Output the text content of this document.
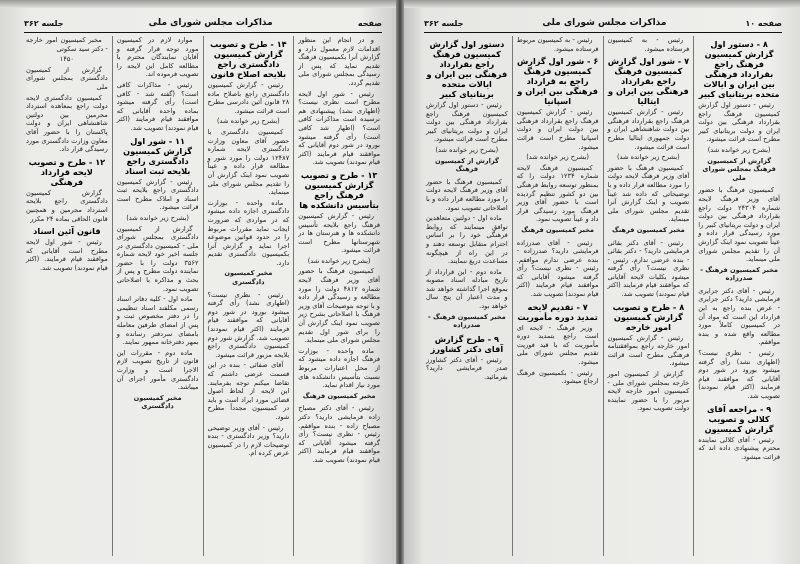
صفحه
مذاکرات مجلس شورای ملی
جلسه ۳۶۲
و در انجام این منظور اقدامات لازم معمول دارد و گزارش آنرا بکمیسیون فرهنگ تقدیم نماید که پس از رسیدگی بمجلس شورای ملی تقدیم گردد.
رئیس - شور اول لایحه مطرح است نظری نیست؟ (اظهاری نشد) پیشنهادی هم نرسیده است مذاکرات کافی است؟ (اظهار شد کافی است) رأی گرفته میشود بورود در شور دوم آقایانی که موافقند قیام فرمایند (اکثر قیام نمودند) تصویب شد.
۱۳ - طرح و تصویب گزارش کمیسیون فرهنگ راجع بتأسیس دانشکده ها
رئیس - گزارش کمیسیون فرهنگ راجع بلایحه تأسیس دانشکده ها و هنرستان ها در شهرستانها مطرح است قرائت میشود.
(بشرح زیر خوانده شد)
کمیسیون فرهنگ با حضور آقای وزیر فرهنگ لایحه شماره ۴۸۱۲ دولت را مورد مطالعه و رسیدگی قرار داده و با توجه بتوضیحات آقای وزیر فرهنگ با اصلاحاتی بشرح زیر تصویب نمود اینک گزارش آن را برای شور اول تقدیم مجلس شورای ملی مینماید.
ماده واحده - بوزارت فرهنگ اجازه داده میشود که از محل اعتبارات مربوط نسبت بتأسیس دانشکده های مورد نیاز اقدام نماید.
مخبر کمیسیون فرهنگ
رئیس - آقای دکتر مصباح زاده فرمایشی دارید؟ دکتر مصباح زاده - بنده موافقم. رئیس - نظری نیست؟ رأی گرفته میشود آقایانی که موافقند قیام فرمایند (اکثر قیام نمودند) تصویب شد.
۱۴ - طرح و تصویب گزارش کمیسیون دادگستری راجع بلایحه اصلاح قانون
رئیس - گزارش کمیسیون دادگستری راجع باصلاح ماده ۲۸ قانون آئین دادرسی مطرح است قرائت میشود.
(بشرح زیر خوانده شد)
کمیسیون دادگستری با حضور آقای معاون وزارت دادگستری لایحه شماره ۱۲۴۸۷ دولت را مورد شور و مطالعه قرار داده و عیناً تصویب نمود اینک گزارش آن را تقدیم مجلس شورای ملی مینماید.
ماده واحده - بوزارت دادگستری اجازه داده میشود که در مواردی که ضرورت ایجاب نماید مقررات مربوط را در حدود قوانین موضوعه اجرا نماید و گزارش آنرا بکمیسیون دادگستری تقدیم دارد.
مخبر کمیسیون دادگستری
رئیس - نظری نیست؟ (اظهاری نشد) رأی گرفته میشود بورود در شور دوم آقایانی که موافقند قیام فرمایند (اکثر قیام نمودند) تصویب شد. گزارش شور دوم کمیسیون دادگستری راجع بلایحه مزبور قرائت میشود.
آقای صفائی - بنده در این قسمت عرضی داشتم که تقاضا میکنم توجه بفرمایند. این لایحه از لحاظ اصول قضائی مورد ایراد است و باید در کمیسیون مجدداً مطرح شود.
رئیس - آقای وزیر توضیحی دارید؟ وزیر دادگستری - بنده توضیحات لازم را در کمیسیون عرض کرده ام.
موارد لازم در کمیسیون مورد توجه قرار گرفته و آقایان نمایندگان محترم با مطالعه کامل این لایحه را تصویب فرموده اند.
رئیس - مذاکرات کافی است؟ (گفته شد - کافی است) رأی گرفته میشود بماده واحده آقایانی که موافقند قیام فرمایند (اکثر قیام نمودند) تصویب شد.
۱۱ - شور اول گزارش کمیسیون دادگستری راجع بلایحه ثبت اسناد
رئیس - گزارش کمیسیون دادگستری راجع بلایحه ثبت اسناد و املاک مطرح است قرائت میشود.
(بشرح زیر خوانده شد)
گزارش از کمیسیون دادگستری بمجلس شورای ملی - کمیسیون دادگستری در جلسه اخیر خود لایحه شماره ۳۵۶۲ دولت را با حضور نماینده دولت مطرح و پس از بحث و مذاکره با اصلاحاتی تصویب نمود.
ماده اول - کلیه دفاتر اسناد رسمی مکلفند اسناد تنظیمی را در دفتر مخصوص ثبت و پس از امضای طرفین معامله بامضای سردفتر رسانده و بمهر دفترخانه ممهور نمایند.
ماده دوم - مقررات این قانون از تاریخ تصویب لازم الاجرا است و وزارت دادگستری مأمور اجرای آن میباشد.
مخبر کمیسیون دادگستری
مخبر کمیسیون امور خارجه - دکتر سید سکوتی
۱۴۵۰
گزارش از کمیسیون دادگستری بمجلس شورای ملی
کمیسیون دادگستری لایحه دولت راجع بمعاهده استرداد مجرمین بین دولتین شاهنشاهی ایران و دولت پاکستان را با حضور آقای معاون وزارت دادگستری مورد رسیدگی قرار داد.
۱۲ - طرح و تصویب لایحه قرارداد فرهنگی
گزارش کمیسیون دادگستری راجع بلایحه استرداد مجرمین و همچنین قانون الحاقی بماده ۲۴ مکرر
قانون آئین اسناد
رئیس - شور اول لایحه مطرح است آقایانی که موافقند قیام فرمایند. (اکثر قیام نمودند) تصویب شد.
صفحه ۱۰
مذاکرات مجلس شورای ملی
جلسه ۳۶۲
۸ - دستور اول گزارش کمیسیون فرهنگ راجع بقرارداد فرهنگی بین ایران و ایالات متحده بریتانیای کبیر
رئیس - دستور اول گزارش کمیسیون فرهنگ راجع بقرارداد فرهنگی بین دولت ایران و دولت بریتانیای کبیر مطرح است قرائت میشود.
(بشرح زیر خوانده شد)
گزارش از کمیسیون فرهنگ بمجلس شورای ملی
کمیسیون فرهنگ با حضور آقای وزیر فرهنگ لایحه شماره ۲۴۳۰۴ دولت راجع بقرارداد فرهنگی بین دولت ایران و دولت بریتانیای کبیر را مورد رسیدگی قرار داده و عیناً تصویب نمود اینک گزارش آن را تقدیم مجلس شورای ملی مینماید.
مخبر کمیسیون فرهنگ - صدرزاده
رئیس - آقای دکتر جزایری فرمایشی دارید؟ دکتر جزایری - عرض بنده راجع به این قرارداد این است که مواد آن در کمیسیون کاملاً مورد مطالعه واقع شده و بنده موافقم.
رئیس - نظری نیست؟ (اظهاری نشد) رأی گرفته میشود بورود در شور دوم آقایانی که موافقند قیام فرمایند (اکثر قیام نمودند) تصویب شد.
۹ - مراجعه آقای کلالی و تصویب گزارش کمیسیون
رئیس - آقای کلالی نماینده محترم پیشنهادی داده اند که قرائت میشود.
رئیس - به کمیسیون فرستاده میشود.
۷ - شور اول گزارش کمیسیون فرهنگ راجع بقرارداد فرهنگی بین ایران و ایتالیا
رئیس - گزارش کمیسیون فرهنگ راجع بقرارداد فرهنگی بین دولت شاهنشاهی ایران و دولت جمهوری ایتالیا مطرح است قرائت میشود.
(بشرح زیر خوانده شد)
کمیسیون فرهنگ با حضور آقای وزیر فرهنگ لایحه دولت را مورد مطالعه قرار داده و با توضیحاتی که داده شد عیناً تصویب و اینک گزارش آنرا تقدیم مجلس شورای ملی مینماید.
مخبر کمیسیون فرهنگ
رئیس - آقای دکتر بقائی فرمایشی دارید؟ - دکتر بقائی - بنده عرضی ندارم. رئیس - نظری نیست؟ رأی گرفته میشود بکلیات لایحه آقایانی که موافقند قیام فرمایند (اکثر قیام نمودند) تصویب شد.
۸ - طرح و تصویب گزارش کمیسیون امور خارجه
رئیس - گزارش کمیسیون امور خارجه راجع بموافقتنامه فرهنگی مطرح است قرائت میشود.
گزارش از کمیسیون امور خارجه بمجلس شورای ملی - کمیسیون امور خارجه لایحه مزبور را با حضور نماینده دولت تصویب نمود.
رئیس - به کمیسیون مربوط فرستاده میشود.
۶ - شور اول گزارش کمیسیون فرهنگ راجع به قرارداد فرهنگی بین ایران و اسپانیا
رئیس - گزارش کمیسیون فرهنگ راجع بقرارداد فرهنگی بین دولت ایران و دولت اسپانیا مطرح است قرائت میشود.
(بشرح زیر خوانده شد)
کمیسیون فرهنگ لایحه شماره ۱۲۳۴ دولت را که بمنظور توسعه روابط فرهنگی بین دو کشور تنظیم گردیده است با حضور آقای وزیر فرهنگ مورد رسیدگی قرار داد و عیناً تصویب نمود.
مخبر کمیسیون فرهنگ
رئیس - آقای صدرزاده فرمایشی دارید؟ صدرزاده - بنده عرضی ندارم موافقم. رئیس - نظری نیست؟ رأی گرفته میشود آقایانی که موافقند قیام فرمایند (اکثر قیام نمودند) تصویب شد.
۷ - تقدیم لایحه تمدید دوره مأموریت
وزیر فرهنگ - لایحه ای است راجع بتمدید دوره مأموریت که با قید فوریت تقدیم مجلس شورای ملی میشود.
رئیس - بکمیسیون فرهنگ ارجاع میشود.
دستور اول گزارش کمیسیون فرهنگ راجع بقرارداد فرهنگی بین ایران و ایالات متحده بریتانیای کبیر
رئیس - دستور اول گزارش کمیسیون فرهنگ راجع بقرارداد فرهنگی بین دولت ایران و دولت بریتانیای کبیر مطرح است قرائت میشود.
(بشرح زیر خوانده شد)
گزارش از کمیسیون فرهنگ
کمیسیون فرهنگ با حضور آقای وزیر فرهنگ لایحه دولت را مورد مطالعه قرار داده و با اصلاحاتی تصویب نمود.
ماده اول - دولتین متعاهدین توافق مینمایند که روابط فرهنگی خود را بر اساس احترام متقابل توسعه دهند و در این راه از هیچگونه مساعدت دریغ ننمایند.
ماده دوم - این قرارداد از تاریخ مبادله اسناد مصوبه بموقع اجرا گذاشته خواهد شد و مدت اعتبار آن پنج سال خواهد بود.
مخبر کمیسیون فرهنگ - صدرزاده
۹ - طرح گزارش آقای دکتر کشاورز
رئیس - آقای دکتر کشاورز صدر فرمایشی دارید؟ بفرمائید.
